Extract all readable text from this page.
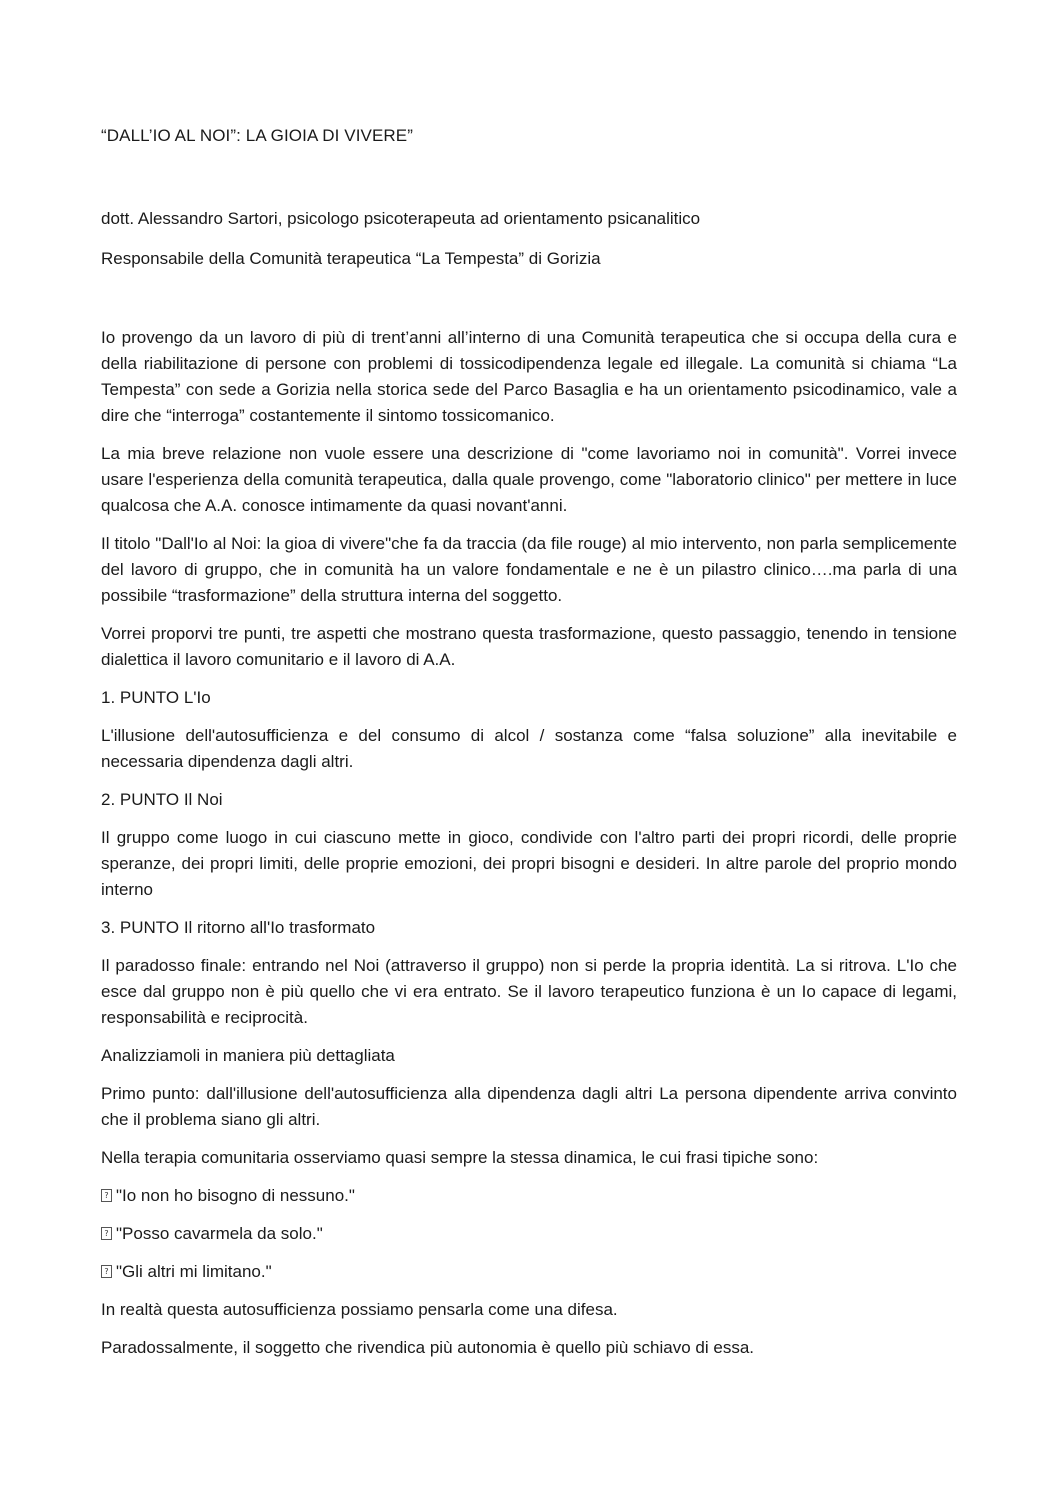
“DALL’IO AL NOI”: LA GIOIA DI VIVERE”

dott. Alessandro Sartori, psicologo psicoterapeuta ad orientamento psicanalitico

Responsabile della Comunità terapeutica “La Tempesta” di Gorizia

Io provengo da un lavoro di più di trent’anni all’interno di una Comunità terapeutica che si occupa della cura e della riabilitazione di persone con problemi di tossicodipendenza legale ed illegale. La comunità si chiama “La Tempesta” con sede a Gorizia nella storica sede del Parco Basaglia e ha un orientamento psicodinamico, vale a dire che “interroga” costantemente il sintomo tossicomanico.

La mia breve relazione non vuole essere una descrizione di "come lavoriamo noi in comunità". Vorrei invece usare l'esperienza della comunità terapeutica, dalla quale provengo, come "laboratorio clinico" per mettere in luce qualcosa che A.A. conosce intimamente da quasi novant'anni.

Il titolo "Dall'Io al Noi: la gioa di vivere"che fa da traccia (da file rouge) al mio intervento, non parla semplicemente del lavoro di gruppo, che in comunità ha un valore fondamentale e ne è un pilastro clinico….ma parla di una possibile “trasformazione” della struttura interna del soggetto.

Vorrei proporvi tre punti, tre aspetti che mostrano questa trasformazione, questo passaggio, tenendo in tensione dialettica il lavoro comunitario e il lavoro di A.A.

1. PUNTO L'Io

L'illusione dell'autosufficienza e del consumo di alcol / sostanza come “falsa soluzione” alla inevitabile e necessaria dipendenza dagli altri.

2. PUNTO Il Noi

Il gruppo come luogo in cui ciascuno mette in gioco, condivide con l'altro parti dei propri ricordi, delle proprie speranze, dei propri limiti, delle proprie emozioni, dei propri bisogni e desideri. In altre parole del proprio mondo interno

3. PUNTO Il ritorno all'Io trasformato

Il paradosso finale: entrando nel Noi (attraverso il gruppo) non si perde la propria identità. La si ritrova. L'Io che esce dal gruppo non è più quello che vi era entrato. Se il lavoro terapeutico funziona è un Io capace di legami, responsabilità e reciprocità.

Analizziamoli in maniera più dettagliata

Primo punto: dall'illusione dell'autosufficienza alla dipendenza dagli altri La persona dipendente arriva convinto che il problema siano gli altri.

Nella terapia comunitaria osserviamo quasi sempre la stessa dinamica, le cui frasi tipiche sono:

? "Io non ho bisogno di nessuno."

? "Posso cavarmela da solo."

? "Gli altri mi limitano."

In realtà questa autosufficienza possiamo pensarla come una difesa.

Paradossalmente, il soggetto che rivendica più autonomia è quello più schiavo di essa.
